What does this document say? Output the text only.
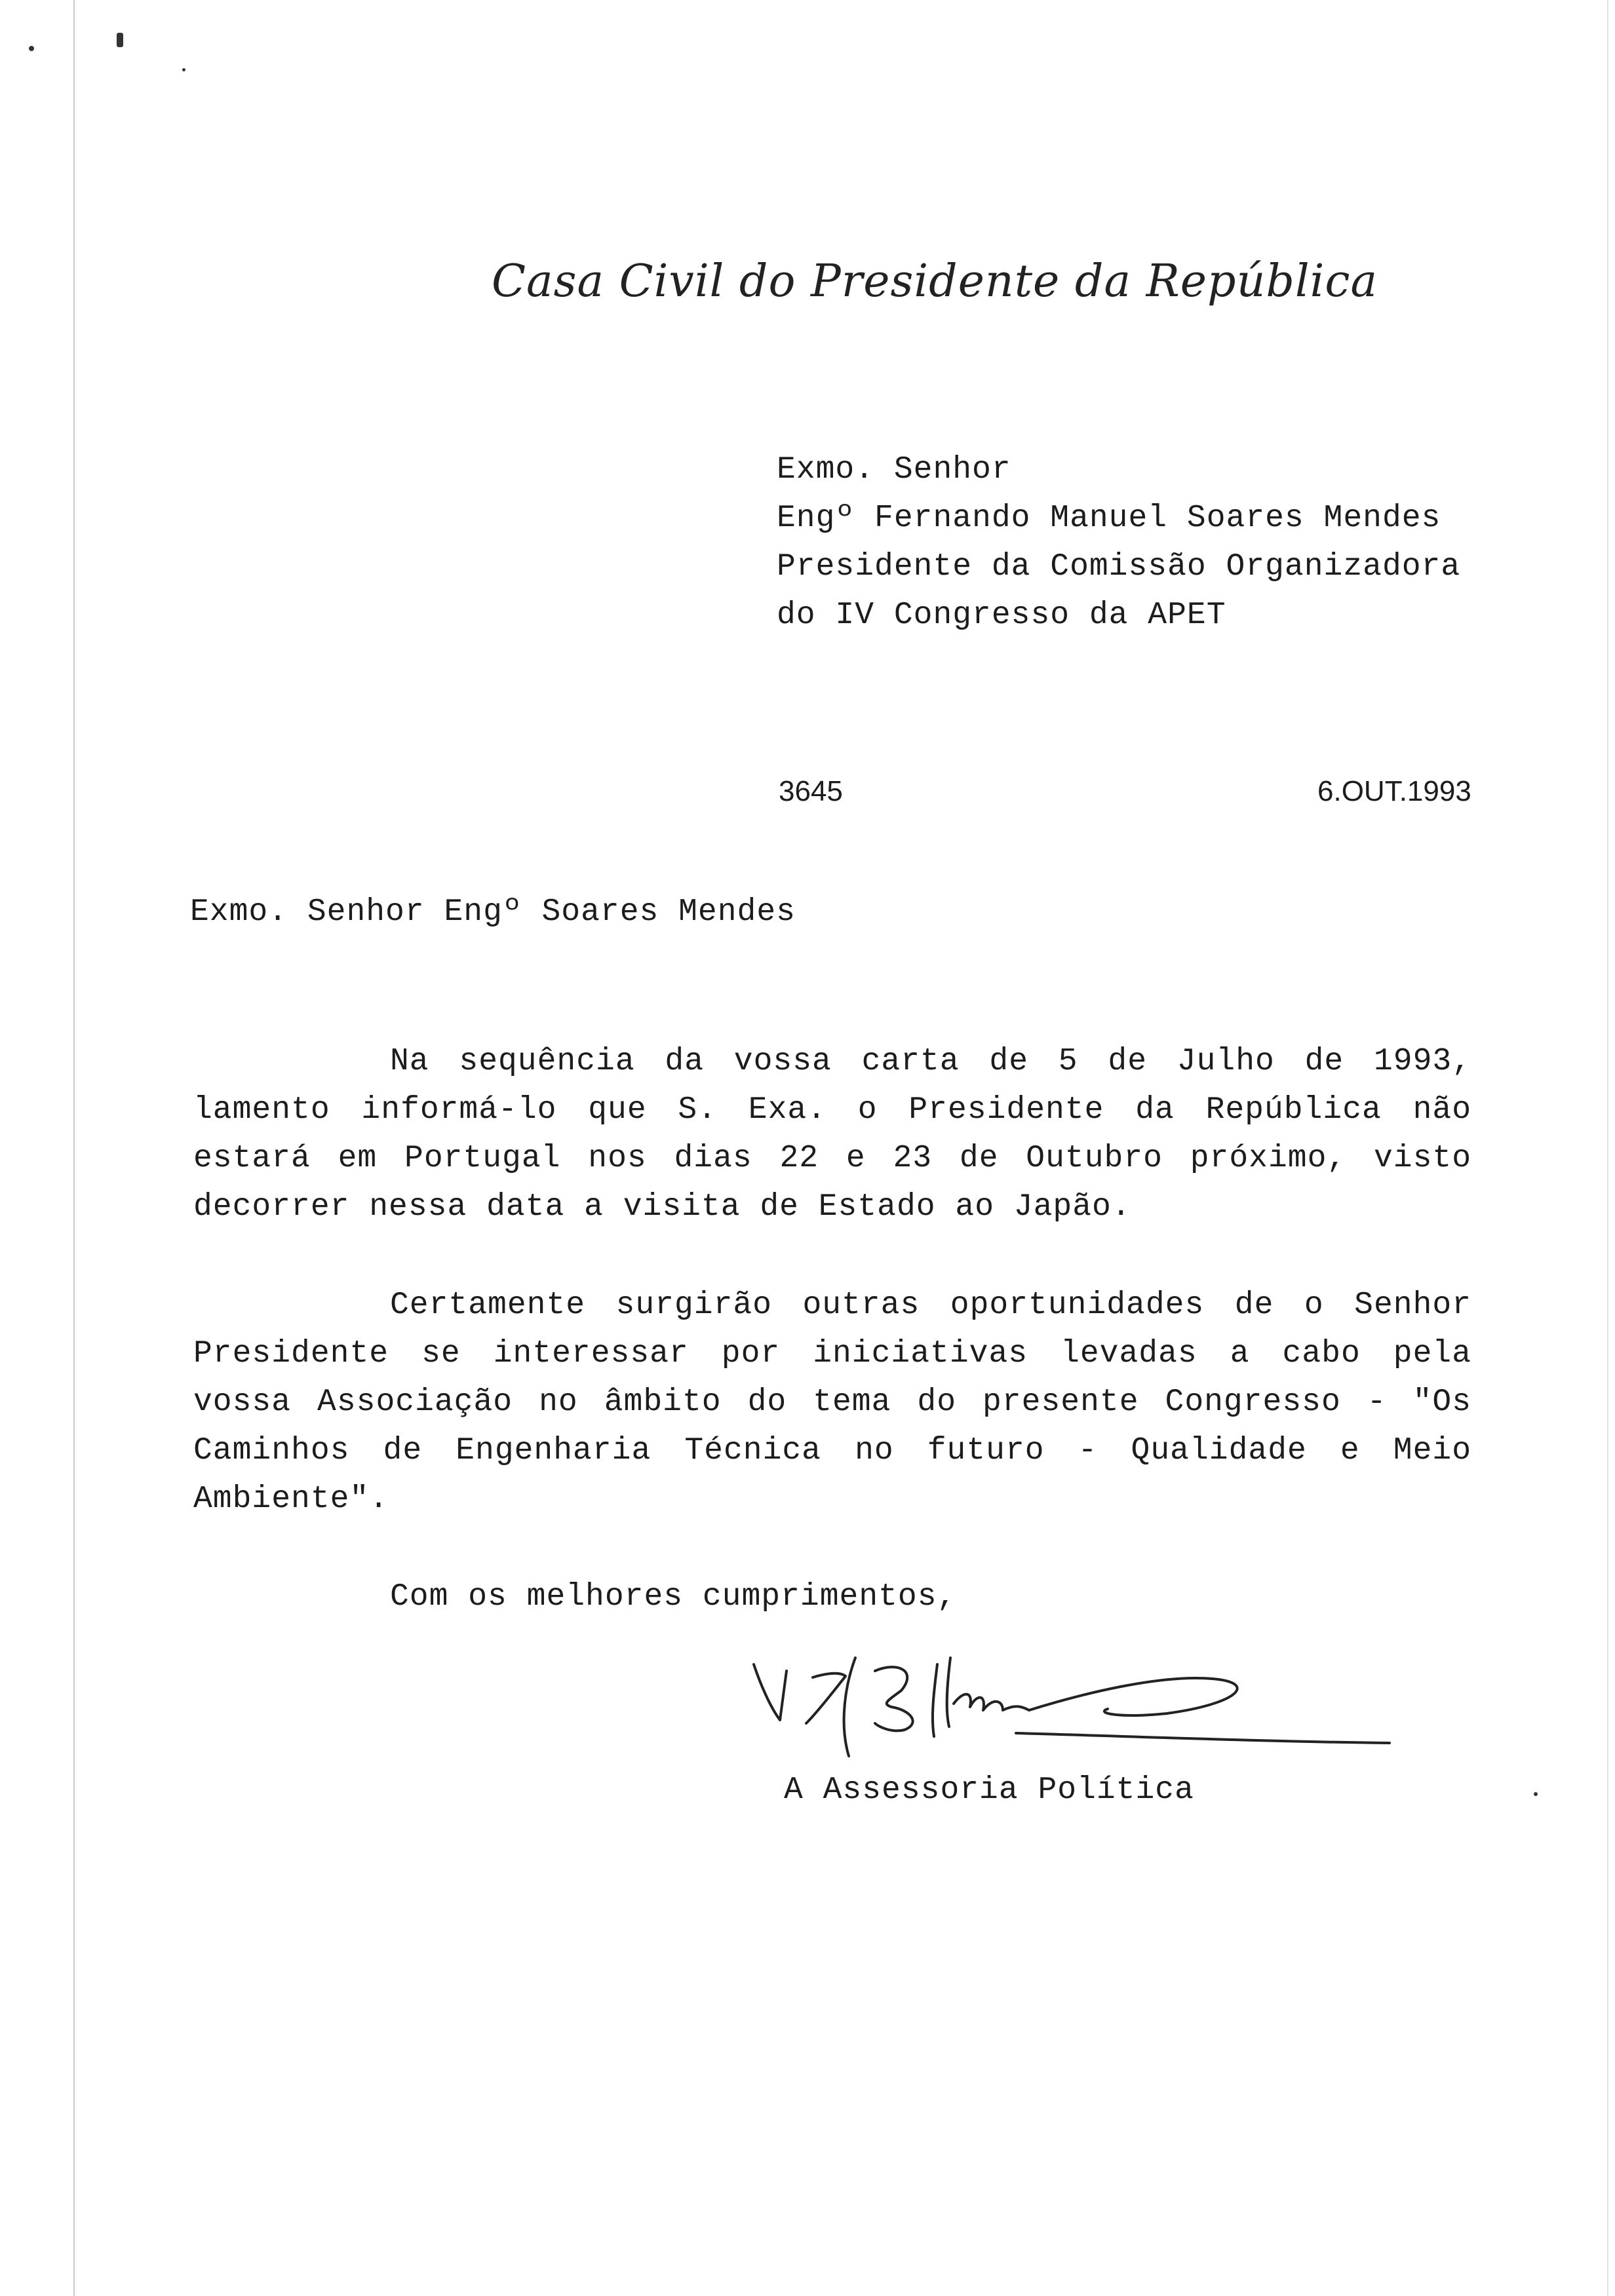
Casa Civil do Presidente da República
Exmo. Senhor
Engº Fernando Manuel Soares Mendes
Presidente da Comissão Organizadora
do IV Congresso da APET
3645	6.OUT.1993
Exmo. Senhor Engº Soares Mendes
Na sequência da vossa carta de 5 de Julho de 1993, lamento informá-lo que S. Exa. o Presidente da República não estará em Portugal nos dias 22 e 23 de Outubro próximo, visto decorrer nessa data a visita de Estado ao Japão.
Certamente surgirão outras oportunidades de o Senhor Presidente se interessar por iniciativas levadas a cabo pela vossa Associação no âmbito do tema do presente Congresso - "Os Caminhos de Engenharia Técnica no futuro - Qualidade e Meio Ambiente".
Com os melhores cumprimentos,
A Assessoria Política
